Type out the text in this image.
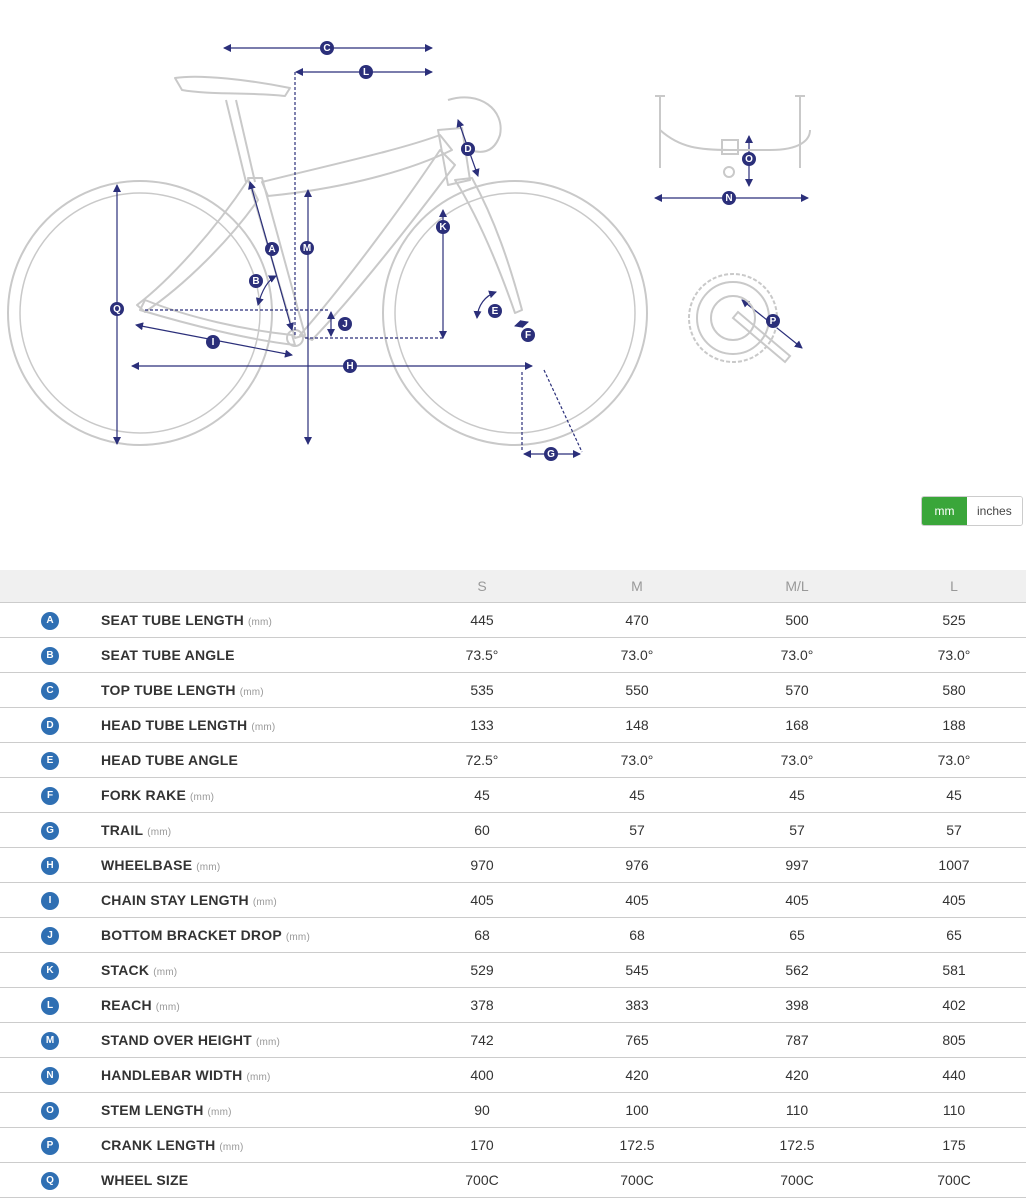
A
B
C
D
E
F
G
H
I
J
K
L
M
N
O
P
Q
mm	inches
		S	M	M/L	L
A	SEAT TUBE LENGTH (mm)	445	470	500	525
B	SEAT TUBE ANGLE	73.5°	73.0°	73.0°	73.0°
C	TOP TUBE LENGTH (mm)	535	550	570	580
D	HEAD TUBE LENGTH (mm)	133	148	168	188
E	HEAD TUBE ANGLE	72.5°	73.0°	73.0°	73.0°
F	FORK RAKE (mm)	45	45	45	45
G	TRAIL (mm)	60	57	57	57
H	WHEELBASE (mm)	970	976	997	1007
I	CHAIN STAY LENGTH (mm)	405	405	405	405
J	BOTTOM BRACKET DROP (mm)	68	68	65	65
K	STACK (mm)	529	545	562	581
L	REACH (mm)	378	383	398	402
M	STAND OVER HEIGHT (mm)	742	765	787	805
N	HANDLEBAR WIDTH (mm)	400	420	420	440
O	STEM LENGTH (mm)	90	100	110	110
P	CRANK LENGTH (mm)	170	172.5	172.5	175
Q	WHEEL SIZE	700C	700C	700C	700C
